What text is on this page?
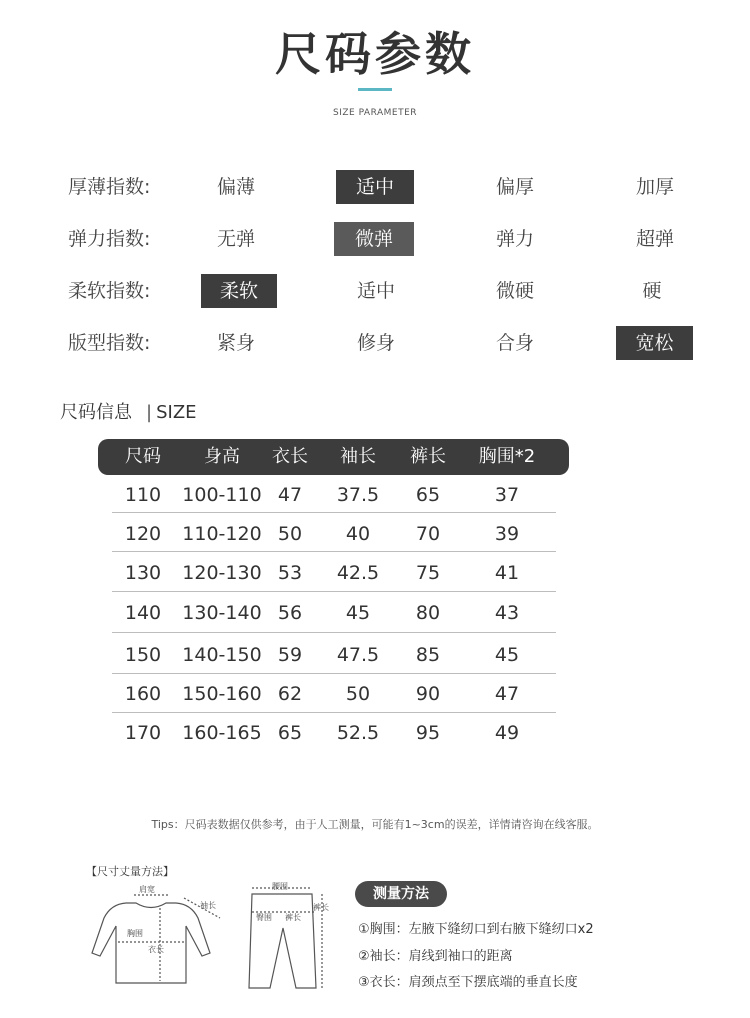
尺码参数
SIZE PARAMETER
厚薄指数:	偏薄	适中	偏厚	加厚
弹力指数:	无弹	微弹	弹力	超弹
柔软指数:	柔软	适中	微硬	硬
版型指数:	紧身	修身	合身	宽松
尺码信息 | SIZE
尺码	身高	衣长	袖长	裤长	胸围*2
110	100-110 47	37.5	65	37
120	110-120 50	40	70	39
130	120-130 53	42.5	75	41
140	130-140 56	45	80	43
150	140-150 59	47.5	85	45
160	150-160 62	50	90	47
170	160-165 65	52.5	95	49
Tips：尺码表数据仅供参考，由于人工测量，可能有1~3cm的误差，详情请咨询在线客服。
【尺寸丈量方法】
肩宽
袖长
胸围
衣长
腰围
臀围 裤长
裤长
测量方法
①胸围：左腋下缝纫口到右腋下缝纫口x2
②袖长：肩线到袖口的距离
③衣长：肩颈点至下摆底端的垂直长度
